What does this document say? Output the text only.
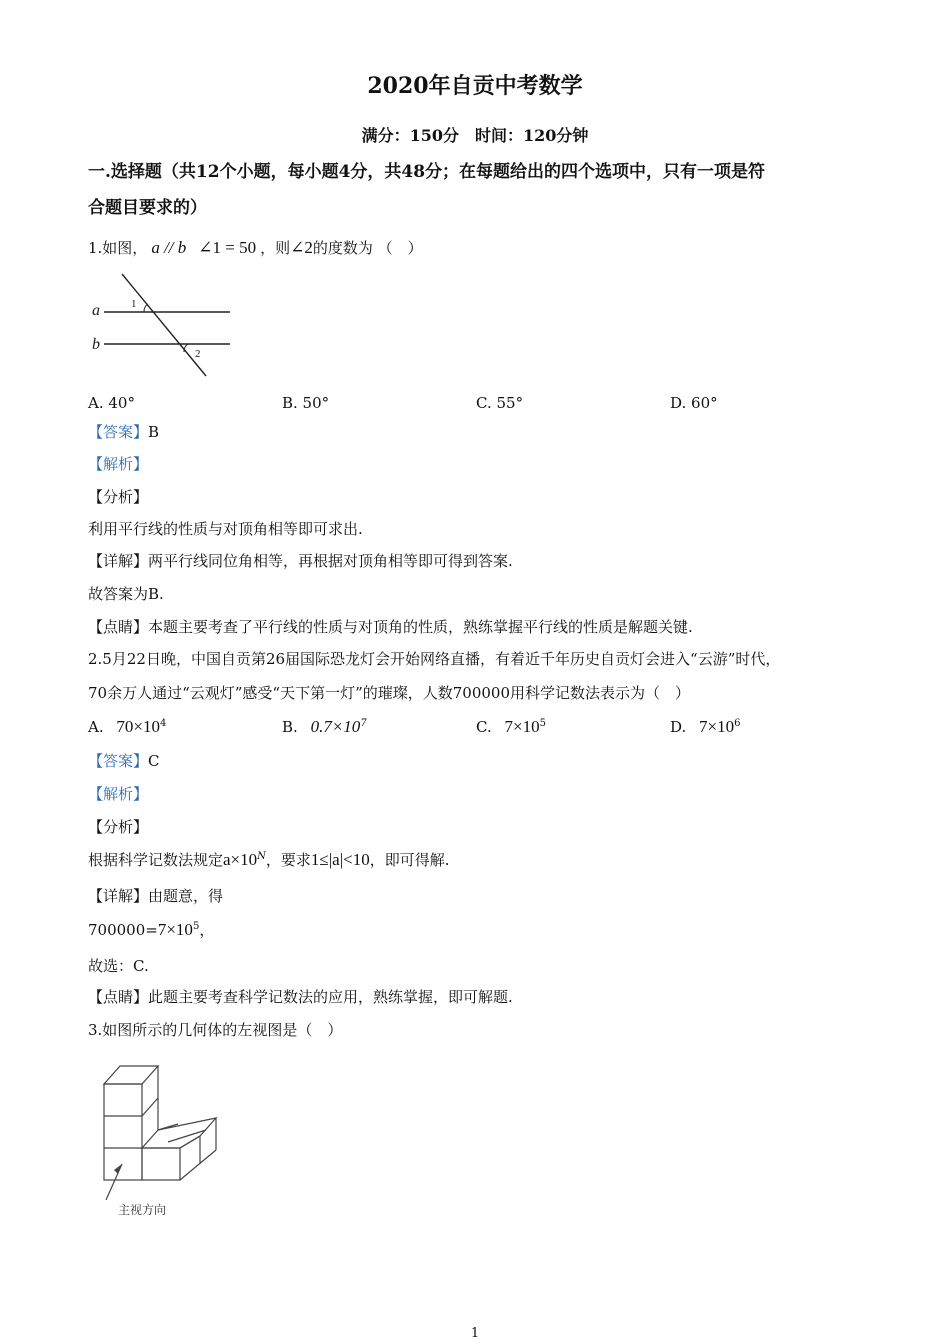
2020年自贡中考数学
满分：150分　时间：120分钟
一.选择题（共12个小题，每小题4分，共48分；在每题给出的四个选项中，只有一项是符
合题目要求的）
1.如图， a // b ∠1 = 50 ，则∠2的度数为 （　）
a
b
1
2
A. 40°	B. 50°	C. 55°	D. 60°
【答案】B
【解析】
【分析】
利用平行线的性质与对顶角相等即可求出.
【详解】两平行线同位角相等，再根据对顶角相等即可得到答案.
故答案为B.
【点睛】本题主要考查了平行线的性质与对顶角的性质，熟练掌握平行线的性质是解题关键.
2.5月22日晚，中国自贡第26届国际恐龙灯会开始网络直播，有着近千年历史自贡灯会进入“云游”时代，
70余万人通过“云观灯”感受“天下第一灯”的璀璨，人数700000用科学记数法表示为（　）
A. $70\times 10^4$	B. $0.7\times 10^7$	C. $7\times 10^5$	D. $7\times 10^6$
【答案】C
【解析】
【分析】
根据科学记数法规定$a\times 10^N$，要求1≤|a|<10，即可得解.
【详解】由题意，得
$700000=7\times 10^5$，
故选：C.
【点睛】此题主要考查科学记数法的应用，熟练掌握，即可解题.
3.如图所示的几何体的左视图是（　）
主视方向
1
